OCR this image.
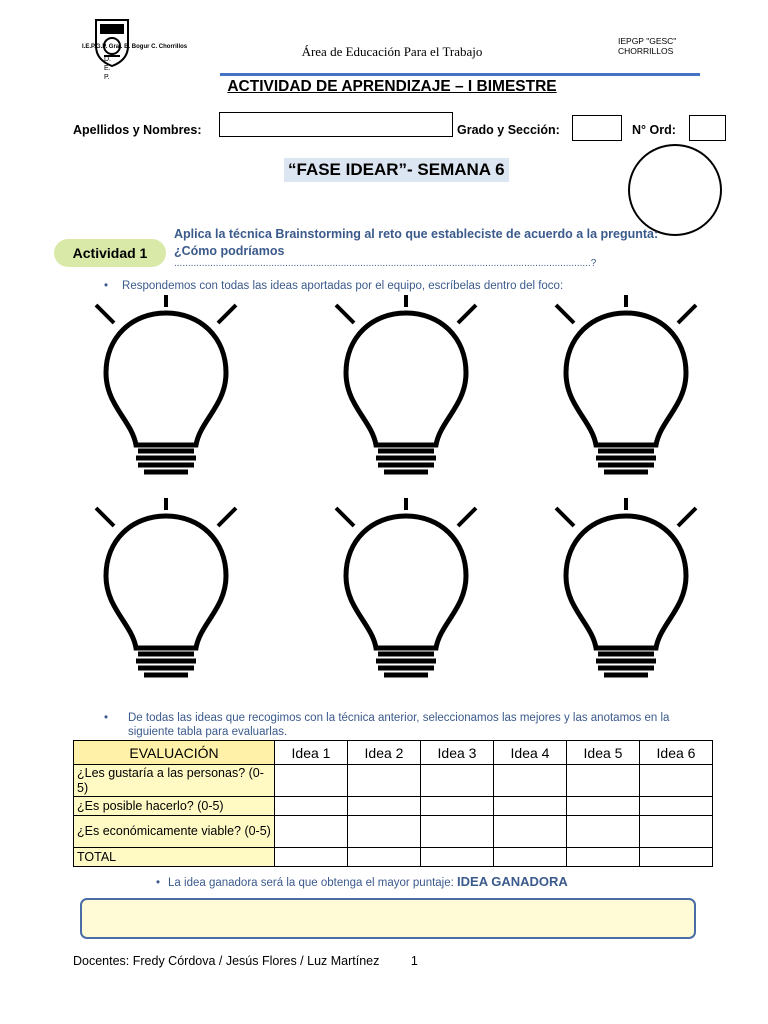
I.E.P.G.P. Gral. B. Bogur C. Chorrillos
D.
E.
P.
Área de Educación Para el Trabajo
IEPGP "GESC"
CHORRILLOS
ACTIVIDAD DE APRENDIZAJE – I BIMESTRE
Apellidos y Nombres:	Grado y Sección:	N° Ord:
“FASE IDEAR”- SEMANA 6
Actividad 1
Aplica la técnica Brainstorming al reto que estableciste de acuerdo a la pregunta: ¿Cómo podríamos
......................................................................................................................................................?
• Respondemos con todas las ideas aportadas por el equipo, escríbelas dentro del foco:
• De todas las ideas que recogimos con la técnica anterior, seleccionamos las mejores y las anotamos en la siguiente tabla para evaluarlas.
EVALUACIÓN	Idea 1	Idea 2	Idea 3	Idea 4	Idea 5	Idea 6
¿Les gustaría a las personas? (0-5)						
¿Es posible hacerlo? (0-5)						
¿Es económicamente viable? (0-5)						
TOTAL						
• La idea ganadora será la que obtenga el mayor puntaje: IDEA GANADORA
Docentes: Fredy Córdova / Jesús Flores / Luz Martínez	1
